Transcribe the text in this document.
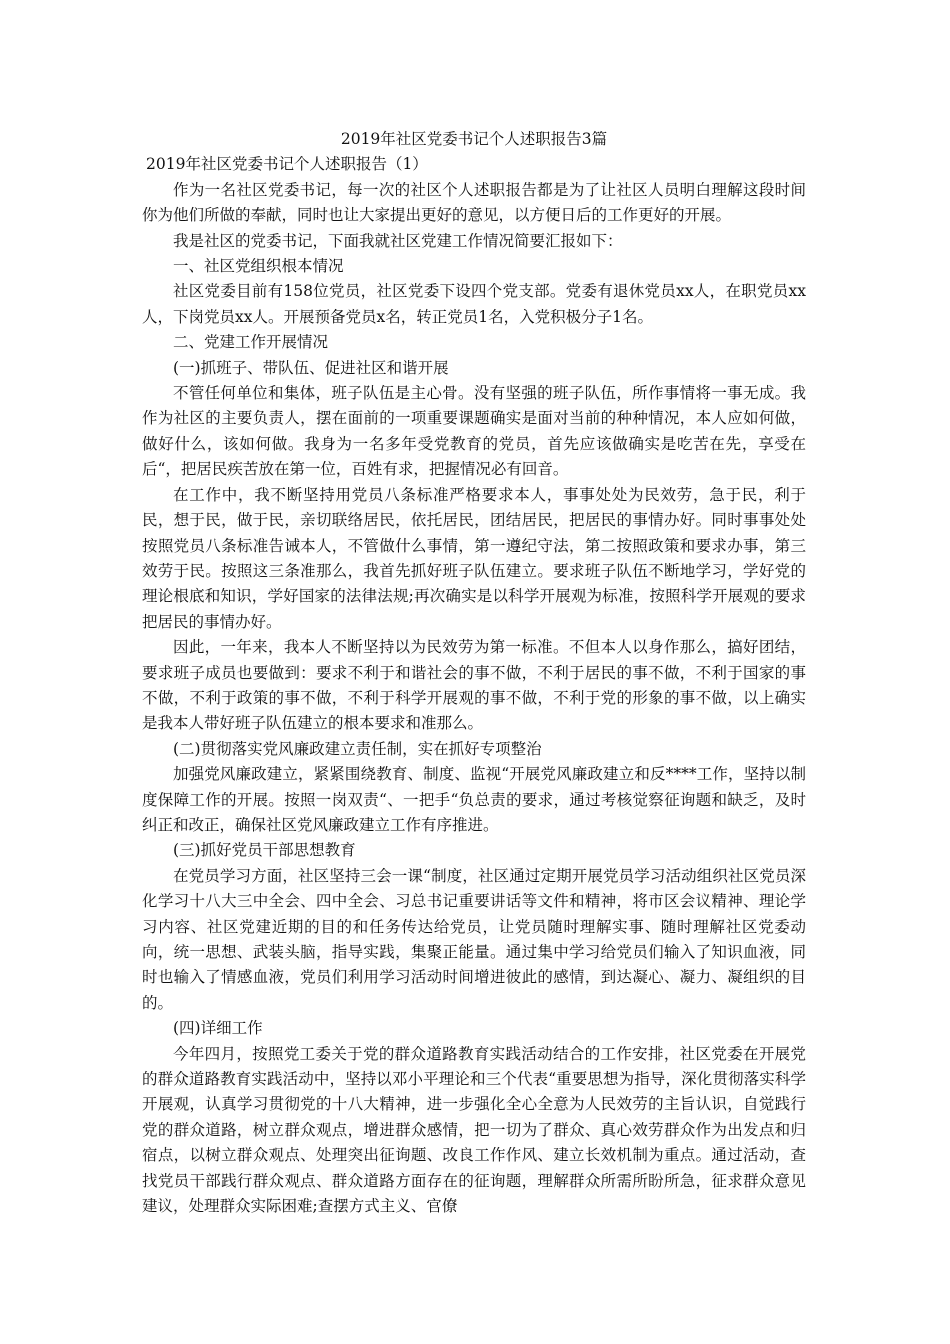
2019年社区党委书记个人述职报告3篇

2019年社区党委书记个人述职报告（1）

作为一名社区党委书记，每一次的社区个人述职报告都是为了让社区人员明白理解这段时间你为他们所做的奉献，同时也让大家提出更好的意见，以方便日后的工作更好的开展。

我是社区的党委书记，下面我就社区党建工作情况简要汇报如下：

一、社区党组织根本情况

社区党委目前有158位党员，社区党委下设四个党支部。党委有退休党员xx人，在职党员xx人，下岗党员xx人。开展预备党员x名，转正党员1名，入党积极分子1名。

二、党建工作开展情况

(一)抓班子、带队伍、促进社区和谐开展

不管任何单位和集体，班子队伍是主心骨。没有坚强的班子队伍，所作事情将一事无成。我作为社区的主要负责人，摆在面前的一项重要课题确实是面对当前的种种情况，本人应如何做，做好什么，该如何做。我身为一名多年受党教育的党员，首先应该做确实是吃苦在先，享受在后“，把居民疾苦放在第一位，百姓有求，把握情况必有回音。

在工作中，我不断坚持用党员八条标准严格要求本人，事事处处为民效劳，急于民，利于民，想于民，做于民，亲切联络居民，依托居民，团结居民，把居民的事情办好。同时事事处处按照党员八条标准告诫本人，不管做什么事情，第一遵纪守法，第二按照政策和要求办事，第三效劳于民。按照这三条准那么，我首先抓好班子队伍建立。要求班子队伍不断地学习，学好党的理论根底和知识，学好国家的法律法规;再次确实是以科学开展观为标准，按照科学开展观的要求把居民的事情办好。

因此，一年来，我本人不断坚持以为民效劳为第一标准。不但本人以身作那么，搞好团结，要求班子成员也要做到：要求不利于和谐社会的事不做，不利于居民的事不做，不利于国家的事不做，不利于政策的事不做，不利于科学开展观的事不做，不利于党的形象的事不做，以上确实是我本人带好班子队伍建立的根本要求和准那么。

(二)贯彻落实党风廉政建立责任制，实在抓好专项整治

加强党风廉政建立，紧紧围绕教育、制度、监视“开展党风廉政建立和反****工作，坚持以制度保障工作的开展。按照一岗双责“、一把手“负总责的要求，通过考核觉察征询题和缺乏，及时纠正和改正，确保社区党风廉政建立工作有序推进。

(三)抓好党员干部思想教育

在党员学习方面，社区坚持三会一课“制度，社区通过定期开展党员学习活动组织社区党员深化学习十八大三中全会、四中全会、习总书记重要讲话等文件和精神，将市区会议精神、理论学习内容、社区党建近期的目的和任务传达给党员，让党员随时理解实事、随时理解社区党委动向，统一思想、武装头脑，指导实践，集聚正能量。通过集中学习给党员们输入了知识血液，同时也输入了情感血液，党员们利用学习活动时间增进彼此的感情，到达凝心、凝力、凝组织的目的。

(四)详细工作

今年四月，按照党工委关于党的群众道路教育实践活动结合的工作安排，社区党委在开展党的群众道路教育实践活动中，坚持以邓小平理论和三个代表“重要思想为指导，深化贯彻落实科学开展观，认真学习贯彻党的十八大精神，进一步强化全心全意为人民效劳的主旨认识，自觉践行党的群众道路，树立群众观点，增进群众感情，把一切为了群众、真心效劳群众作为出发点和归宿点，以树立群众观点、处理突出征询题、改良工作作风、建立长效机制为重点。通过活动，查找党员干部践行群众观点、群众道路方面存在的征询题，理解群众所需所盼所急，征求群众意见建议，处理群众实际困难;查摆方式主义、官僚
